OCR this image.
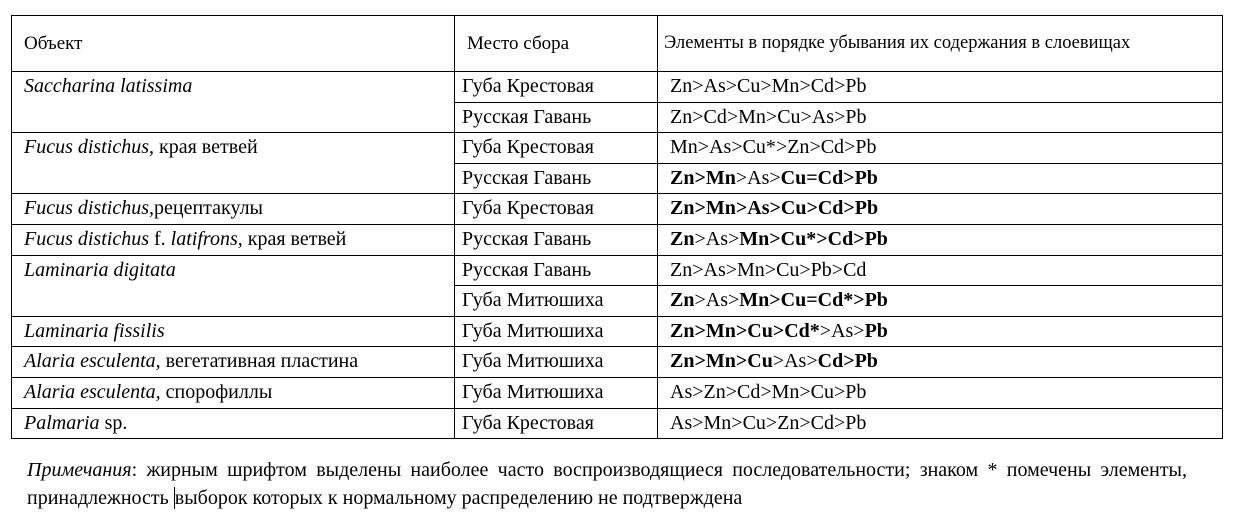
Объект	Место сбора	Элементы в порядке убывания их содержания в слоевищах
Saccharina latissima	Губа Крестовая	Zn>As>Cu>Mn>Cd>Pb
	Русская Гавань	Zn>Cd>Mn>Cu>As>Pb
Fucus distichus, края ветвей	Губа Крестовая	Mn>As>Cu*>Zn>Cd>Pb
	Русская Гавань	Zn>Mn>As>Cu=Cd>Pb
Fucus distichus,рецептакулы	Губа Крестовая	Zn>Mn>As>Cu>Cd>Pb
Fucus distichus f. latifrons, края ветвей	Русская Гавань	Zn>As>Mn>Cu*>Cd>Pb
Laminaria digitata	Русская Гавань	Zn>As>Mn>Cu>Pb>Cd
	Губа Митюшиха	Zn>As>Mn>Cu=Cd*>Pb
Laminaria fissilis	Губа Митюшиха	Zn>Mn>Cu>Cd*>As>Pb
Alaria esculenta, вегетативная пластина	Губа Митюшиха	Zn>Mn>Cu>As>Cd>Pb
Alaria esculenta, спорофиллы	Губа Митюшиха	As>Zn>Cd>Mn>Cu>Pb
Palmaria sp.	Губа Крестовая	As>Mn>Cu>Zn>Cd>Pb
Примечания: жирным шрифтом выделены наиболее часто воспроизводящиеся последовательности; знаком * помечены элементы, принадлежность выборок которых к нормальному распределению не подтверждена
